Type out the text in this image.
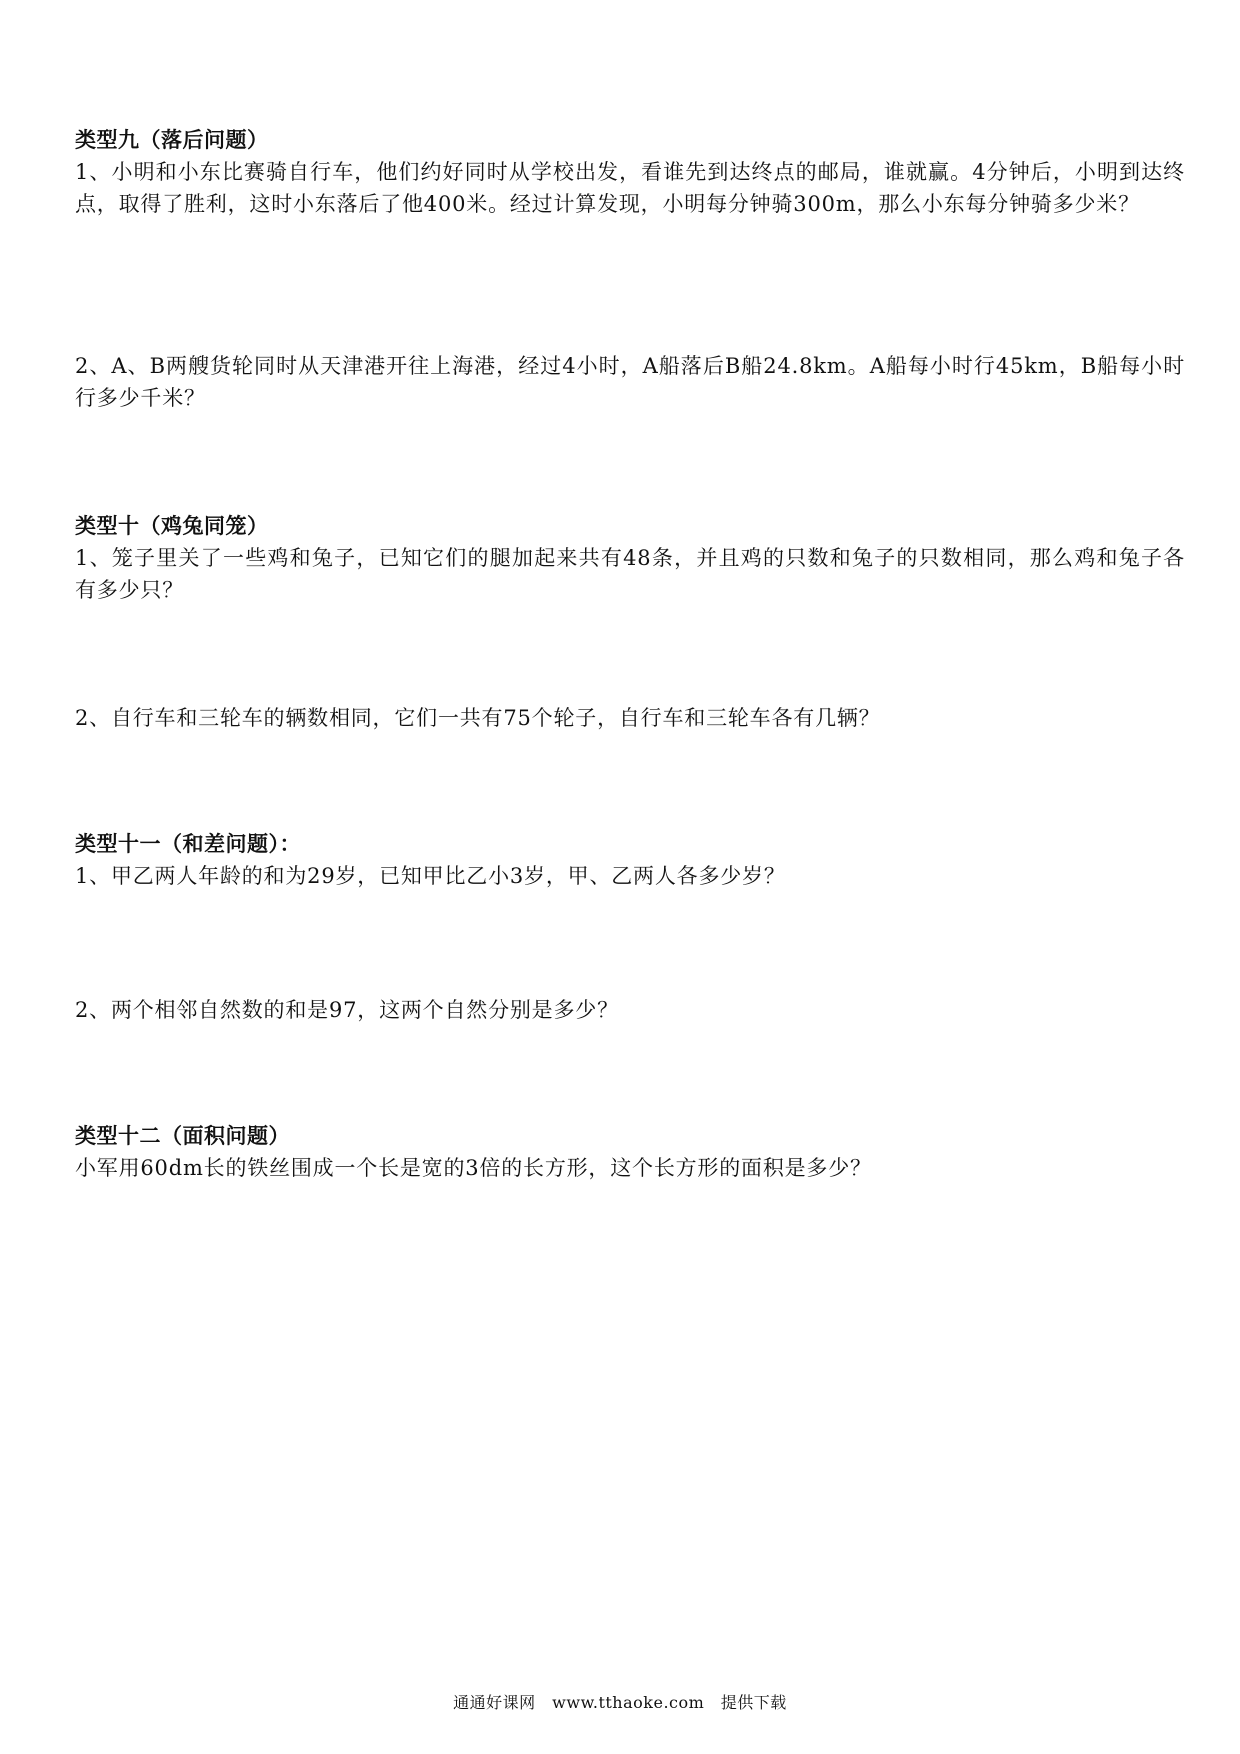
类型九（落后问题）

1、小明和小东比赛骑自行车，他们约好同时从学校出发，看谁先到达终点的邮局，谁就赢。4分钟后，小明到达终点，取得了胜利，这时小东落后了他400米。经过计算发现，小明每分钟骑300m，那么小东每分钟骑多少米？

2、A、B两艘货轮同时从天津港开往上海港，经过4小时，A船落后B船24.8km。A船每小时行45km，B船每小时行多少千米？

类型十（鸡兔同笼）

1、笼子里关了一些鸡和兔子，已知它们的腿加起来共有48条，并且鸡的只数和兔子的只数相同，那么鸡和兔子各有多少只？

2、自行车和三轮车的辆数相同，它们一共有75个轮子，自行车和三轮车各有几辆？

类型十一（和差问题）：

1、甲乙两人年龄的和为29岁，已知甲比乙小3岁，甲、乙两人各多少岁？

2、两个相邻自然数的和是97，这两个自然分别是多少？

类型十二（面积问题）

小军用60dm长的铁丝围成一个长是宽的3倍的长方形，这个长方形的面积是多少？

通通好课网　www.tthaoke.com　提供下载
